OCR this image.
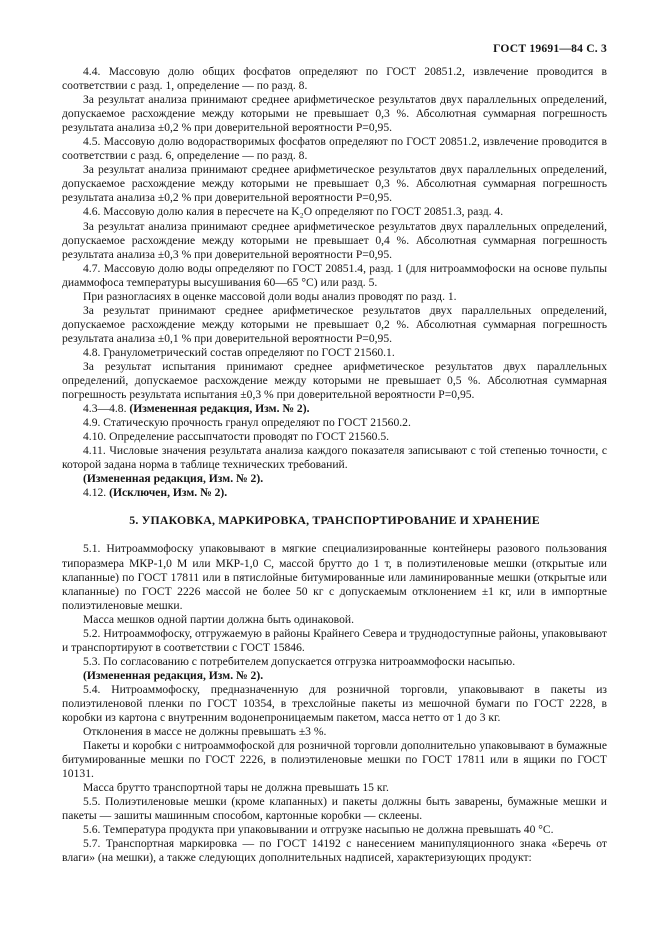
ГОСТ 19691—84 С. 3

4.4. Массовую долю общих фосфатов определяют по ГОСТ 20851.2, извлечение проводится в соответствии с разд. 1, определение — по разд. 8.

За результат анализа принимают среднее арифметическое результатов двух параллельных определений, допускаемое расхождение между которыми не превышает 0,3 %. Абсолютная суммарная погрешность результата анализа ±0,2 % при доверительной вероятности Р=0,95.

4.5. Массовую долю водорастворимых фосфатов определяют по ГОСТ 20851.2, извлечение проводится в соответствии с разд. 6, определение — по разд. 8.

За результат анализа принимают среднее арифметическое результатов двух параллельных определений, допускаемое расхождение между которыми не превышает 0,3 %. Абсолютная суммарная погрешность результата анализа ±0,2 % при доверительной вероятности Р=0,95.

4.6. Массовую долю калия в пересчете на K₂O определяют по ГОСТ 20851.3, разд. 4.

За результат анализа принимают среднее арифметическое результатов двух параллельных определений, допускаемое расхождение между которыми не превышает 0,4 %. Абсолютная суммарная погрешность результата анализа ±0,3 % при доверительной вероятности Р=0,95.

4.7. Массовую долю воды определяют по ГОСТ 20851.4, разд. 1 (для нитроаммофоски на основе пульпы диаммофоса температуры высушивания 60—65 °С) или разд. 5.

При разногласиях в оценке массовой доли воды анализ проводят по разд. 1.

За результат принимают среднее арифметическое результатов двух параллельных определений, допускаемое расхождение между которыми не превышает 0,2 %. Абсолютная суммарная погрешность результата анализа ±0,1 % при доверительной вероятности Р=0,95.

4.8. Гранулометрический состав определяют по ГОСТ 21560.1.

За результат испытания принимают среднее арифметическое результатов двух параллельных определений, допускаемое расхождение между которыми не превышает 0,5 %. Абсолютная суммарная погрешность результата испытания ±0,3 % при доверительной вероятности Р=0,95.

4.3—4.8. (Измененная редакция, Изм. № 2).

4.9. Статическую прочность гранул определяют по ГОСТ 21560.2.

4.10. Определение рассыпчатости проводят по ГОСТ 21560.5.

4.11. Числовые значения результата анализа каждого показателя записывают с той степенью точности, с которой задана норма в таблице технических требований.

(Измененная редакция, Изм. № 2).

4.12. (Исключен, Изм. № 2).

5. УПАКОВКА, МАРКИРОВКА, ТРАНСПОРТИРОВАНИЕ И ХРАНЕНИЕ

5.1. Нитроаммофоску упаковывают в мягкие специализированные контейнеры разового пользования типоразмера МКР-1,0 М или МКР-1,0 С, массой брутто до 1 т, в полиэтиленовые мешки (открытые или клапанные) по ГОСТ 17811 или в пятислойные битумированные или ламинированные мешки (открытые или клапанные) по ГОСТ 2226 массой не более 50 кг с допускаемым отклонением ±1 кг, или в импортные полиэтиленовые мешки.

Масса мешков одной партии должна быть одинаковой.

5.2. Нитроаммофоску, отгружаемую в районы Крайнего Севера и труднодоступные районы, упаковывают и транспортируют в соответствии с ГОСТ 15846.

5.3. По согласованию с потребителем допускается отгрузка нитроаммофоски насыпью.

(Измененная редакция, Изм. № 2).

5.4. Нитроаммофоску, предназначенную для розничной торговли, упаковывают в пакеты из полиэтиленовой пленки по ГОСТ 10354, в трехслойные пакеты из мешочной бумаги по ГОСТ 2228, в коробки из картона с внутренним водонепроницаемым пакетом, масса нетто от 1 до 3 кг.

Отклонения в массе не должны превышать ±3 %.

Пакеты и коробки с нитроаммофоской для розничной торговли дополнительно упаковывают в бумажные битумированные мешки по ГОСТ 2226, в полиэтиленовые мешки по ГОСТ 17811 или в ящики по ГОСТ 10131.

Масса брутто транспортной тары не должна превышать 15 кг.

5.5. Полиэтиленовые мешки (кроме клапанных) и пакеты должны быть заварены, бумажные мешки и пакеты — зашиты машинным способом, картонные коробки — склеены.

5.6. Температура продукта при упаковывании и отгрузке насыпью не должна превышать 40 °С.

5.7. Транспортная маркировка — по ГОСТ 14192 с нанесением манипуляционного знака «Беречь от влаги» (на мешки), а также следующих дополнительных надписей, характеризующих продукт:
